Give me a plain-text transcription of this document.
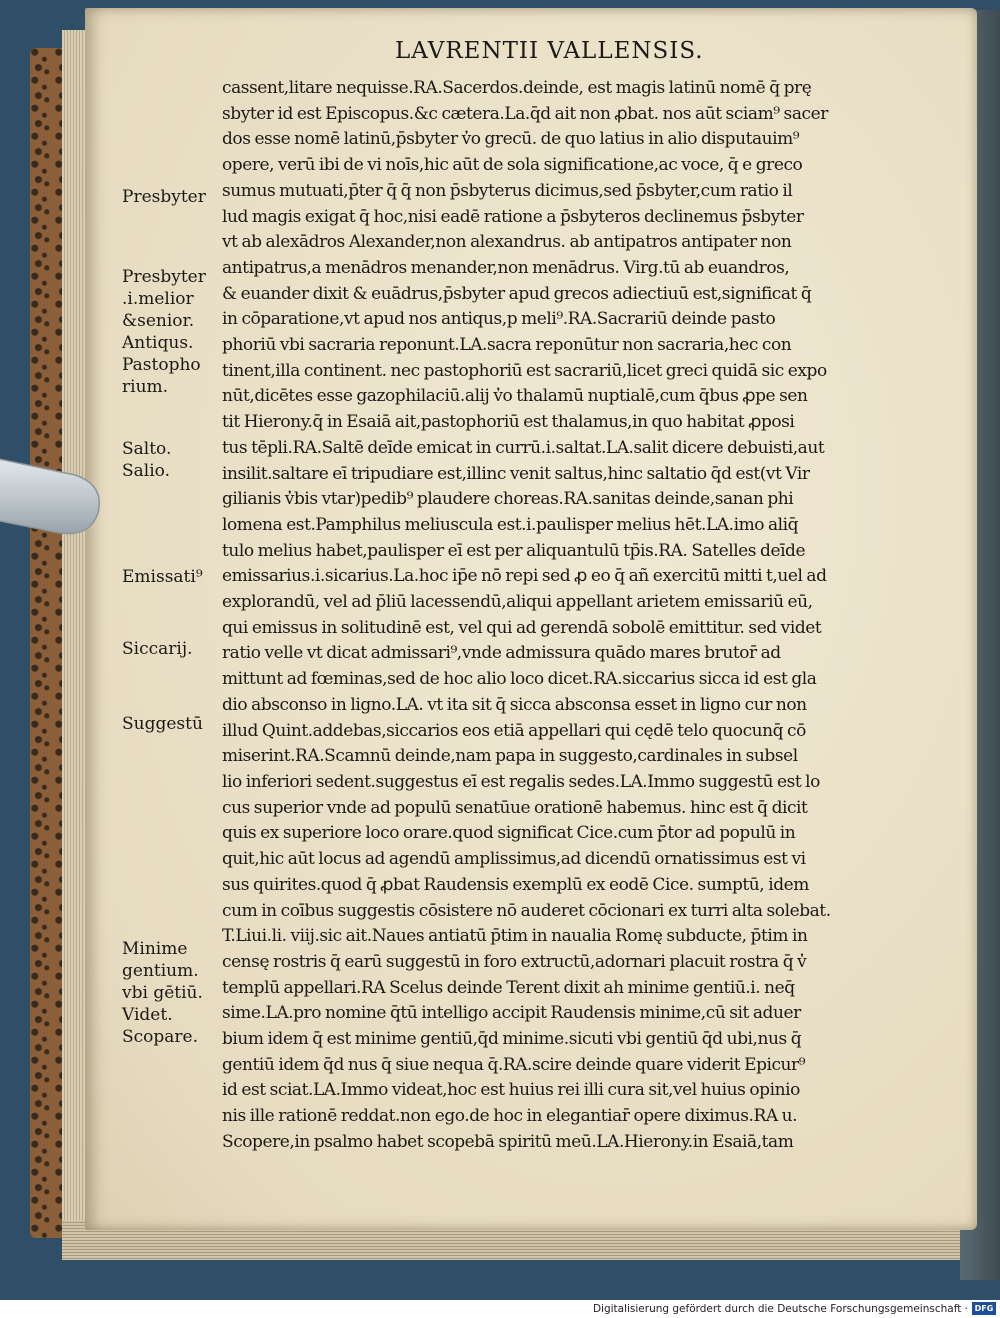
LAVRENTII VALLENSIS.
cassent,litare nequisse.RA.Sacerdos.deinde, est magis latinū nomē q̄ prę
sbyter id est Episcopus.&c cætera.La.q̄d ait non ꝓbat. nos aūt sciam⁹ sacer
dos esse nomē latinū,p̄sbyter v̓o grecū. de quo latius in alio disputauim⁹
opere, verū ibi de vi noīs,hic aūt de sola significatione,ac voce, q̄ e greco
sumus mutuati,p̄ter q̄ q̄ non p̄sbyterus dicimus,sed p̄sbyter,cum ratio il
lud magis exigat q̄ hoc,nisi eadē ratione a p̄sbyteros declinemus p̄sbyter
vt ab alexādros Alexander,non alexandrus. ab antipatros antipater non
antipatrus,a menādros menander,non menādrus. Virg.tū ab euandros,
& euander dixit & euādrus,p̄sbyter apud grecos adiectiuū est,significat q̄
in cōparatione,vt apud nos antiqus,p meli⁹.RA.Sacrariū deinde pasto
phoriū vbi sacraria reponunt.LA.sacra reponūtur non sacraria,hec con
tinent,illa continent. nec pastophoriū est sacrariū,licet greci quidā sic expo
nūt,dicētes esse gazophilaciū.alij v̓o thalamū nuptialē,cum q̄bus ꝓpe sen
tit Hierony.q̄ in Esaiā ait,pastophoriū est thalamus,in quo habitat ꝓposi
tus tēpli.RA.Saltē deīde emicat in currū.i.saltat.LA.salit dicere debuisti,aut
insilit.saltare eī tripudiare est,illinc venit saltus,hinc saltatio q̄d est(vt Vir
gilianis v̓bis vtar)pedib⁹ plaudere choreas.RA.sanitas deinde,sanan phi
lomena est.Pamphilus meliuscula est.i.paulisper melius hēt.LA.imo aliq̄
tulo melius habet,paulisper eī est per aliquantulū tp̄is.RA. Satelles deīde
emissarius.i.sicarius.La.hoc ip̄e nō repi sed ꝓ eo q̄ añ exercitū mitti t,uel ad
explorandū, vel ad p̄liū lacessendū,aliqui appellant arietem emissariū eū,
qui emissus in solitudinē est, vel qui ad gerendā sobolē emittitur. sed videt
ratio velle vt dicat admissari⁹,vnde admissura quādo mares brutor̄ ad
mittunt ad fœminas,sed de hoc alio loco dicet.RA.siccarius sicca id est gla
dio absconso in ligno.LA. vt ita sit q̄ sicca absconsa esset in ligno cur non
illud Quint.addebas,siccarios eos etiā appellari qui cędē telo quocunq̄ cō
miserint.RA.Scamnū deinde,nam papa in suggesto,cardinales in subsel
lio inferiori sedent.suggestus eī est regalis sedes.LA.Immo suggestū est lo
cus superior vnde ad populū senatūue orationē habemus. hinc est q̄ dicit
quis ex superiore loco orare.quod significat Cice.cum p̄tor ad populū in
quit,hic aūt locus ad agendū amplissimus,ad dicendū ornatissimus est vi
sus quirites.quod q̄ ꝓbat Raudensis exemplū ex eodē Cice. sumptū, idem
cum in coībus suggestis cōsistere nō auderet cōcionari ex turri alta solebat.
T.Liui.li. viij.sic ait.Naues antiatū p̄tim in naualia Romę subducte, p̄tim in
censę rostris q̄ earū suggestū in foro extructū,adornari placuit rostra q̄ v̓
templū appellari.RA Scelus deinde Terent dixit ah minime gentiū.i. neq̄
sime.LA.pro nomine q̄tū intelligo accipit Raudensis minime,cū sit aduer
bium idem q̄ est minime gentiū,q̄d minime.sicuti vbi gentiū q̄d ubi,nus q̄
gentiū idem q̄d nus q̄ siue nequa q̄.RA.scire deinde quare viderit Epicur⁹
id est sciat.LA.Immo videat,hoc est huius rei illi cura sit,vel huius opinio
nis ille rationē reddat.non ego.de hoc in elegantiar̄ opere diximus.RA u.
Scopere,in psalmo habet scopebā spiritū meū.LA.Hierony.in Esaiā,tam
Presbyter
Presbyter
.i.melior
&senior.
Antiqus.
Pastopho
rium.
Salto.
Salio.
Emissati⁹
Siccarij.
Suggestū
Minime
gentium.
vbi gētiū.
Videt.
Scopare.
Digitalisierung gefördert durch die Deutsche Forschungsgemeinschaft · DFG
